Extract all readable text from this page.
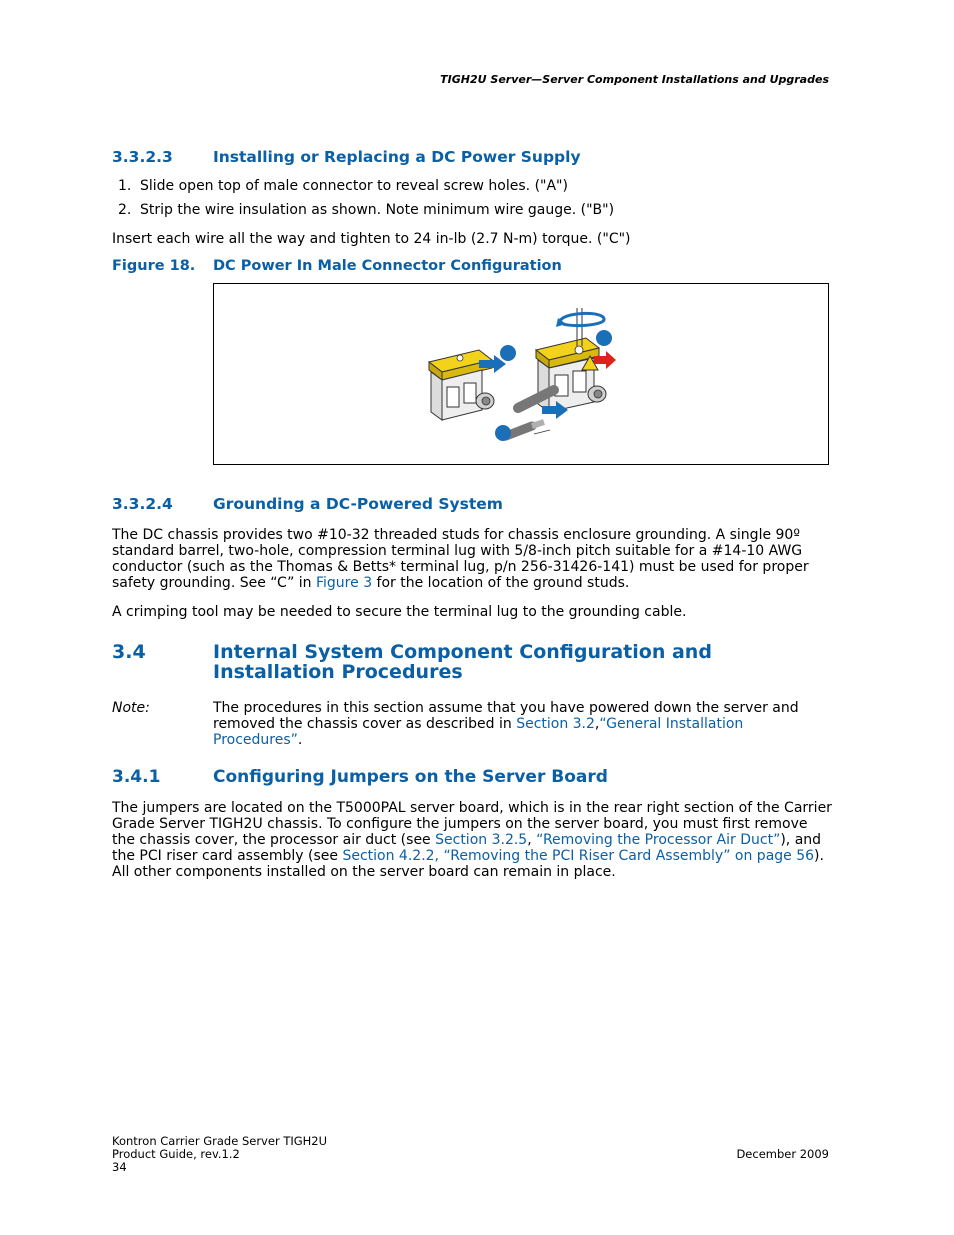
TIGH2U Server—Server Component Installations and Upgrades
3.3.2.3	Installing or Replacing a DC Power Supply
1. Slide open top of male connector to reveal screw holes. ("A")
2. Strip the wire insulation as shown. Note minimum wire gauge. ("B")
Insert each wire all the way and tighten to 24 in-lb (2.7 N-m) torque. ("C")
Figure 18. DC Power In Male Connector Configuration
3.3.2.4	Grounding a DC-Powered System
The DC chassis provides two #10-32 threaded studs for chassis enclosure grounding. A single 90º standard barrel, two-hole, compression terminal lug with 5/8-inch pitch suitable for a #14-10 AWG conductor (such as the Thomas & Betts* terminal lug, p/n 256-31426-141) must be used for proper safety grounding. See “C” in Figure 3 for the location of the ground studs.
A crimping tool may be needed to secure the terminal lug to the grounding cable.
3.4	Internal System Component Configuration and Installation Procedures
Note:	The procedures in this section assume that you have powered down the server and removed the chassis cover as described in Section 3.2,“General Installation Procedures”.
3.4.1	Configuring Jumpers on the Server Board
The jumpers are located on the T5000PAL server board, which is in the rear right section of the Carrier Grade Server TIGH2U chassis. To configure the jumpers on the server board, you must first remove the chassis cover, the processor air duct (see Section 3.2.5, “Removing the Processor Air Duct”), and the PCI riser card assembly (see Section 4.2.2, “Removing the PCI Riser Card Assembly” on page 56). All other components installed on the server board can remain in place.
Kontron Carrier Grade Server TIGH2U
Product Guide, rev.1.2
34
December 2009
